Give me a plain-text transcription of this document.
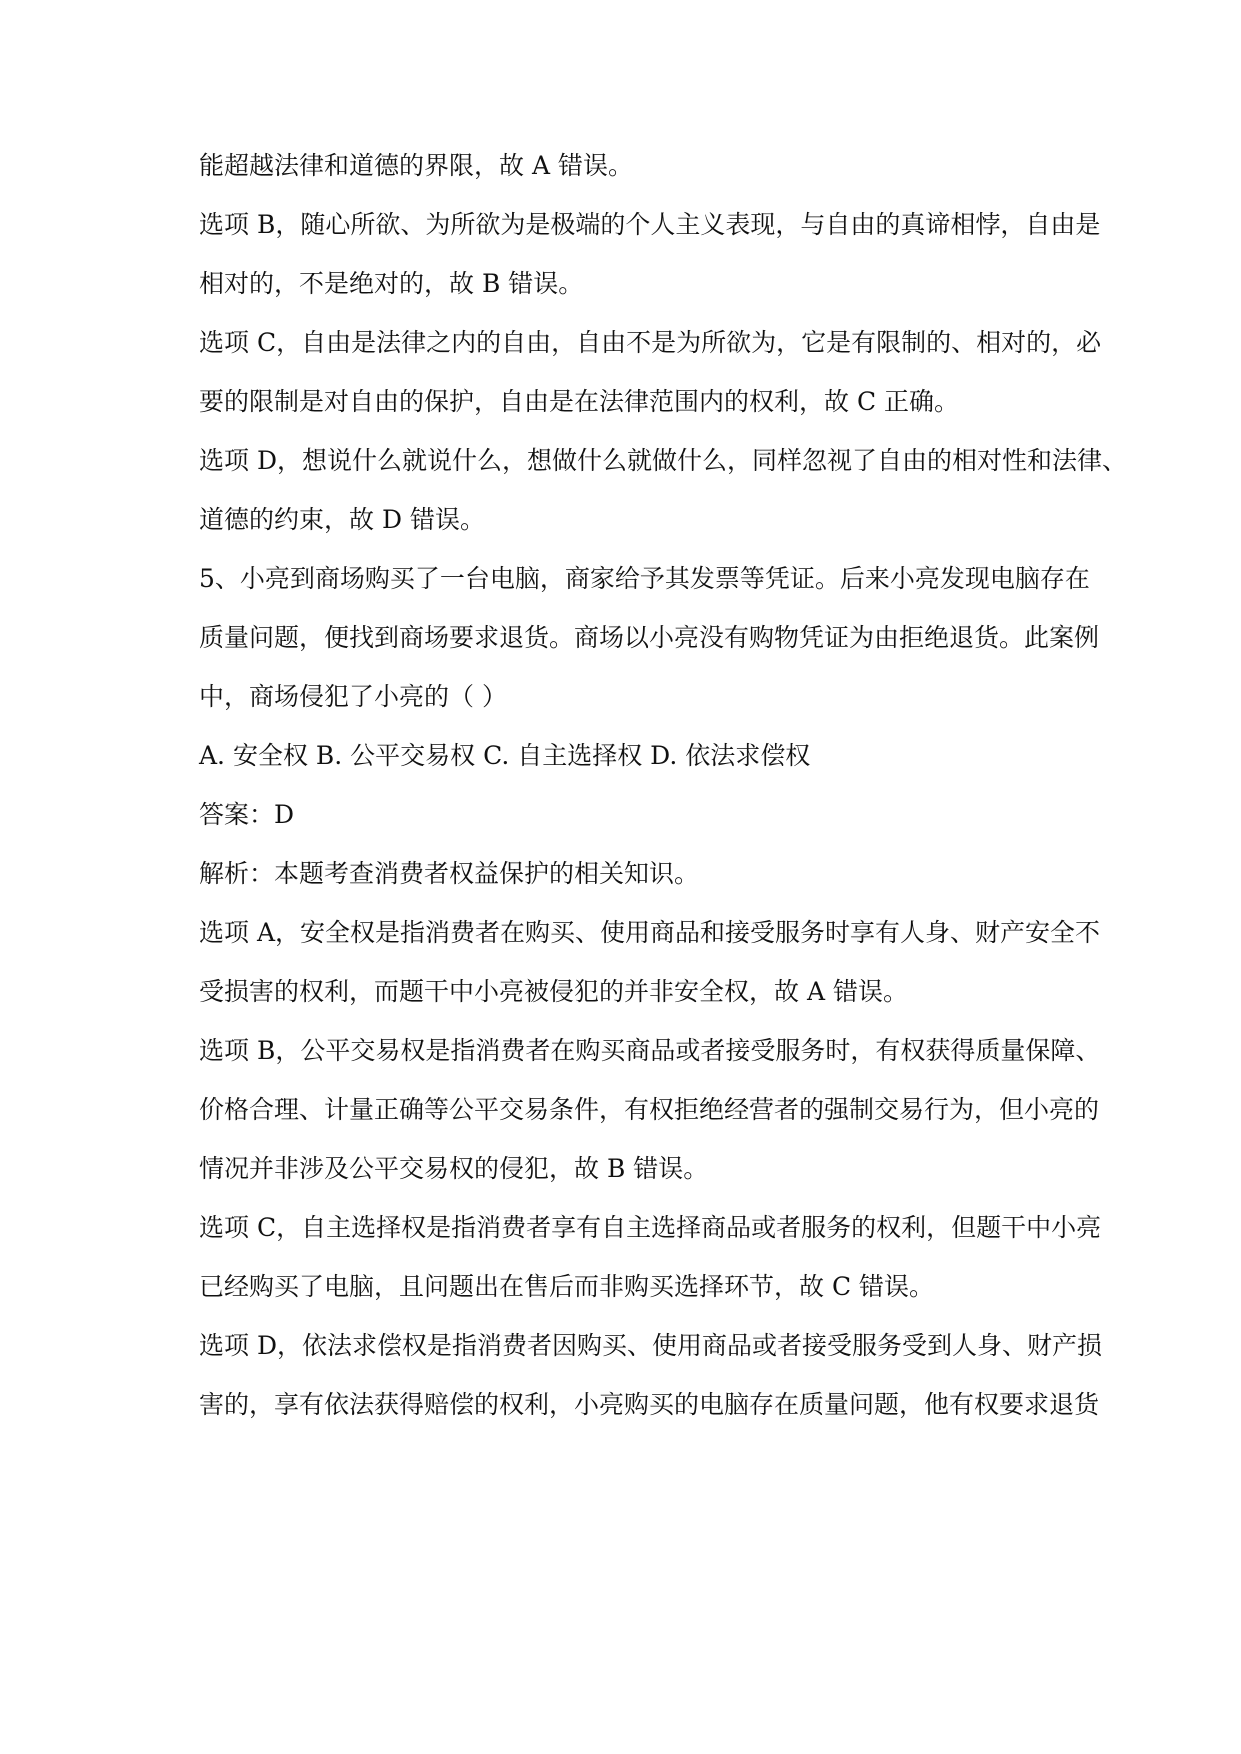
能超越法律和道德的界限，故 A 错误。

选项 B，随心所欲、为所欲为是极端的个人主义表现，与自由的真谛相悖，自由是

相对的，不是绝对的，故 B 错误。

选项 C，自由是法律之内的自由，自由不是为所欲为，它是有限制的、相对的，必

要的限制是对自由的保护，自由是在法律范围内的权利，故 C 正确。

选项 D，想说什么就说什么，想做什么就做什么，同样忽视了自由的相对性和法律、

道德的约束，故 D 错误。

5、小亮到商场购买了一台电脑，商家给予其发票等凭证。后来小亮发现电脑存在

质量问题，便找到商场要求退货。商场以小亮没有购物凭证为由拒绝退货。此案例

中，商场侵犯了小亮的（ ）

A. 安全权 B. 公平交易权 C. 自主选择权 D. 依法求偿权

答案：D

解析：本题考查消费者权益保护的相关知识。

选项 A，安全权是指消费者在购买、使用商品和接受服务时享有人身、财产安全不

受损害的权利，而题干中小亮被侵犯的并非安全权，故 A 错误。

选项 B，公平交易权是指消费者在购买商品或者接受服务时，有权获得质量保障、

价格合理、计量正确等公平交易条件，有权拒绝经营者的强制交易行为，但小亮的

情况并非涉及公平交易权的侵犯，故 B 错误。

选项 C，自主选择权是指消费者享有自主选择商品或者服务的权利，但题干中小亮

已经购买了电脑，且问题出在售后而非购买选择环节，故 C 错误。

选项 D，依法求偿权是指消费者因购买、使用商品或者接受服务受到人身、财产损

害的，享有依法获得赔偿的权利，小亮购买的电脑存在质量问题，他有权要求退货
